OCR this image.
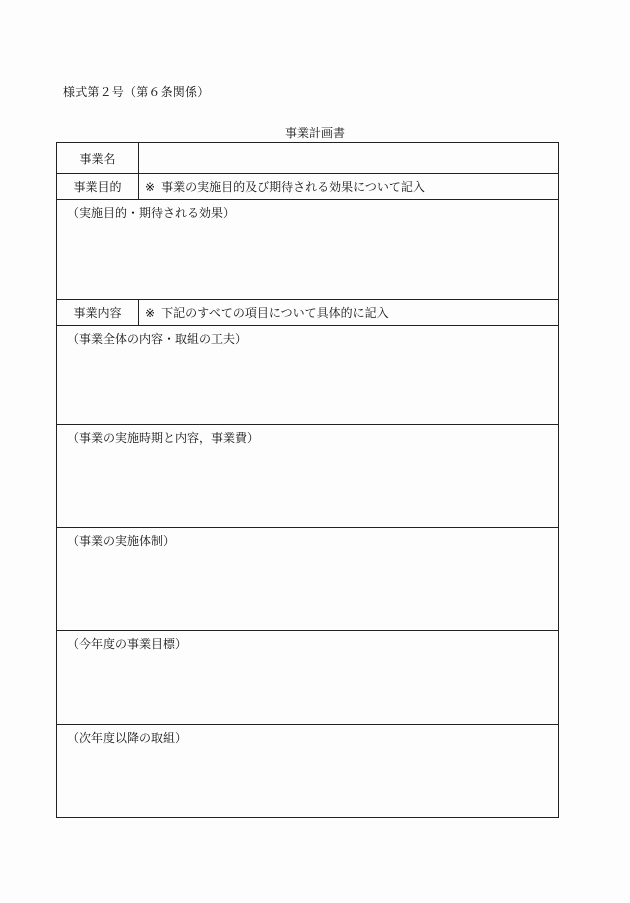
様式第２号（第６条関係）
事業計画書
事業名
事業目的	※ 事業の実施目的及び期待される効果について記入
（実施目的・期待される効果）
事業内容	※ 下記のすべての項目について具体的に記入
（事業全体の内容・取組の工夫）
（事業の実施時期と内容，事業費）
（事業の実施体制）
（今年度の事業目標）
（次年度以降の取組）
